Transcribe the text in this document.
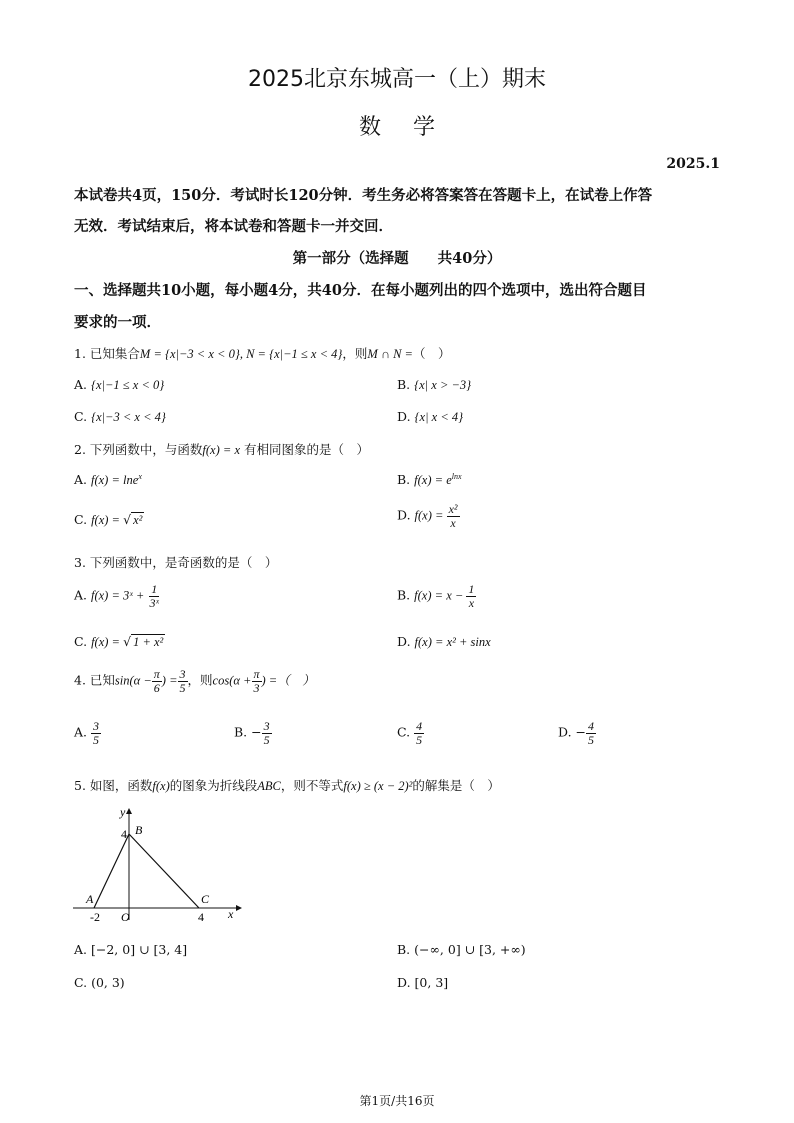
2025北京东城高一（上）期末
数学
2025.1
本试卷共4页，150分．考试时长120分钟．考生务必将答案答在答题卡上，在试卷上作答
无效．考试结束后，将本试卷和答题卡一并交回．
第一部分（选择题　　共40分）
一、选择题共10小题，每小题4分，共40分．在每小题列出的四个选项中，选出符合题目
要求的一项．
1. 已知集合M = {x|−3 < x < 0}, N = {x|−1 ≤ x < 4}，则M ∩ N =（　）
A. {x|−1 ≤ x < 0}	B. {x| x > −3}
C. {x|−3 < x < 4}	D. {x| x < 4}
2. 下列函数中，与函数f(x) = x 有相同图象的是（　）
A. f(x) = lne$^x$	B. $f(x) = e^{lnx}$
C. f(x) = √ x²	D. $f(x) = \frac{\text{x²}}{x}$
3. 下列函数中，是奇函数的是（　）
A. f(x) = 3ˣ + $\frac{1}{\text{3ˣ}}$	B. $f(x) = x - \frac{1}{x}$
C. f(x) = √ 1 + x²	D. f(x) = x² + sinx
4. 已知$\sin(\alpha - \frac{\pi}{6}$ ) = $\frac{3}{5}$ ，则$\cos(\alpha + \frac{\pi}{3}$ ) =（　）
A. $\frac{3}{5}$	B. − $\frac{3}{5}$	C. $\frac{4}{5}$	D. − $\frac{4}{5}$
5. 如图，函数f(x)的图象为折线段ABC，则不等式f(x) ≥ (x − 2)²的解集是（　）
y
x
O
A
B
C
-2	4
4
A. [−2, 0] ∪ [3, 4]	B. (−∞, 0] ∪ [3, +∞)
C. (0, 3)	D. [0, 3]
第1页/共16页
